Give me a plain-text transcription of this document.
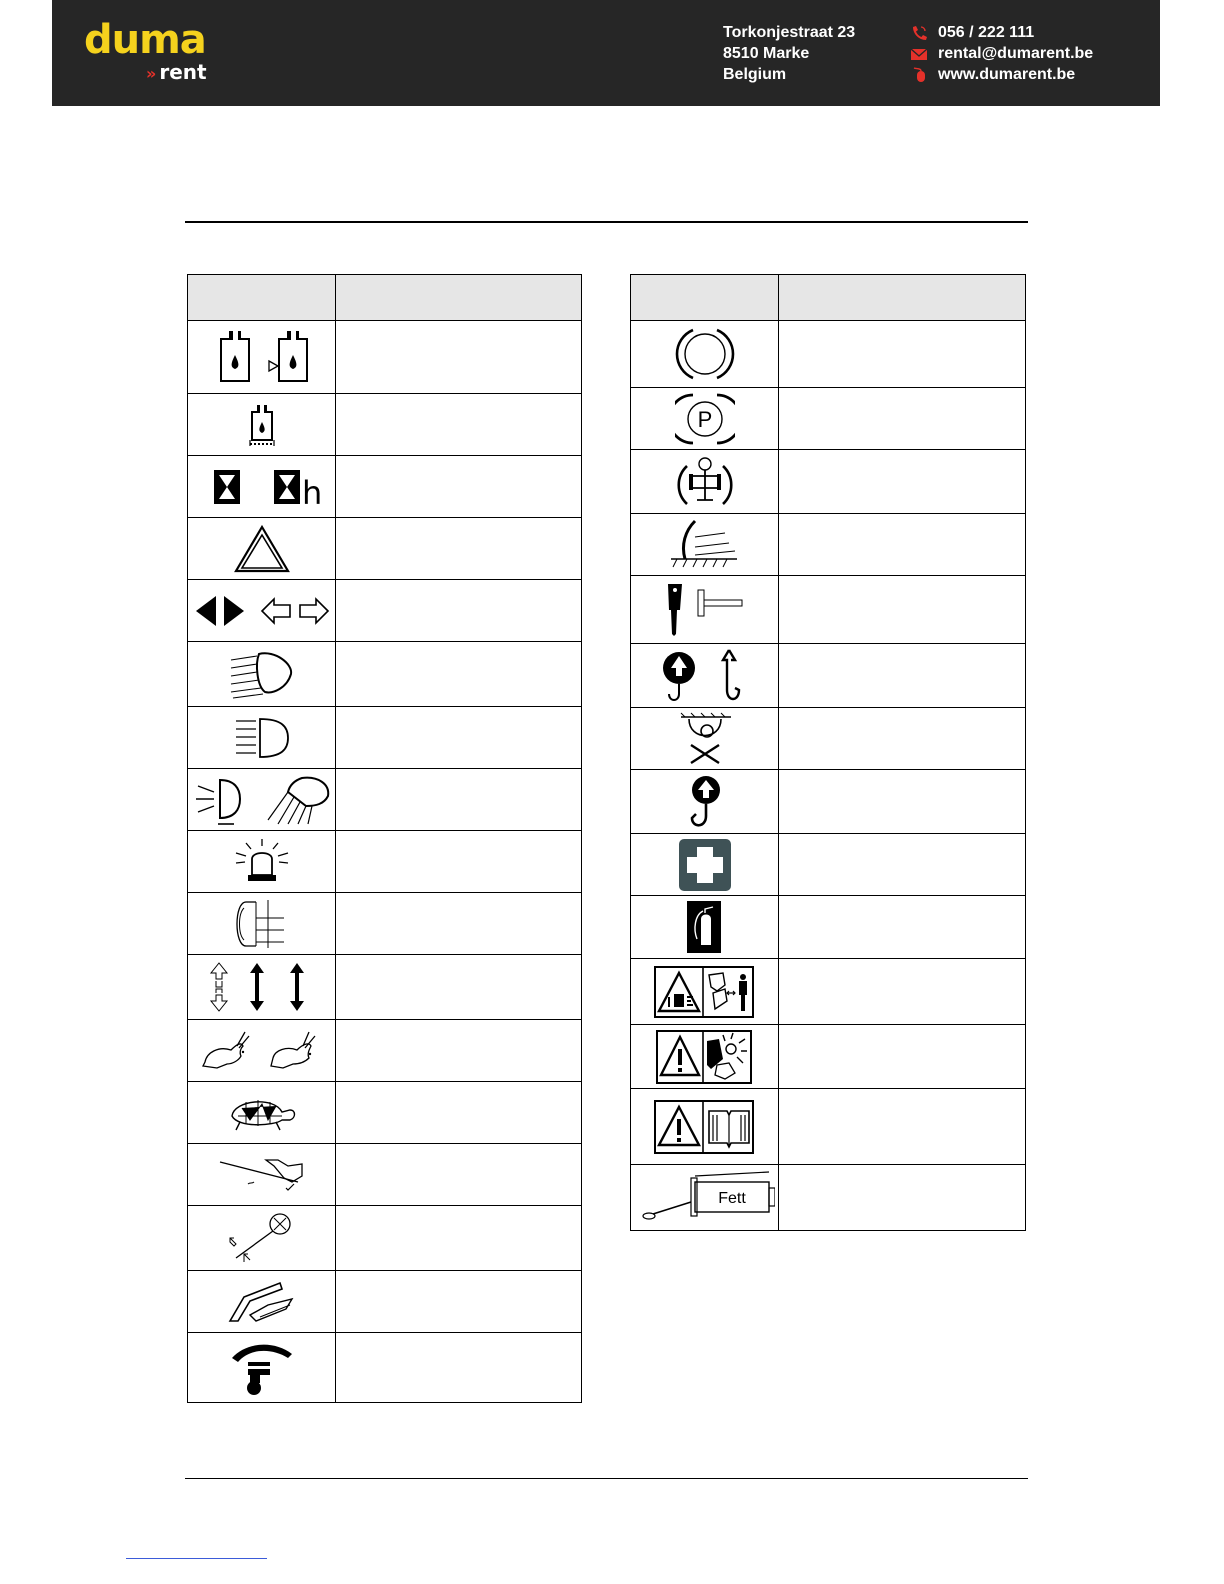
duma
» rent
Torkonjestraat 23
8510 Marke
Belgium
056 / 222 111
rental@dumarent.be
www.dumarent.be

h	

P	

Fett	
